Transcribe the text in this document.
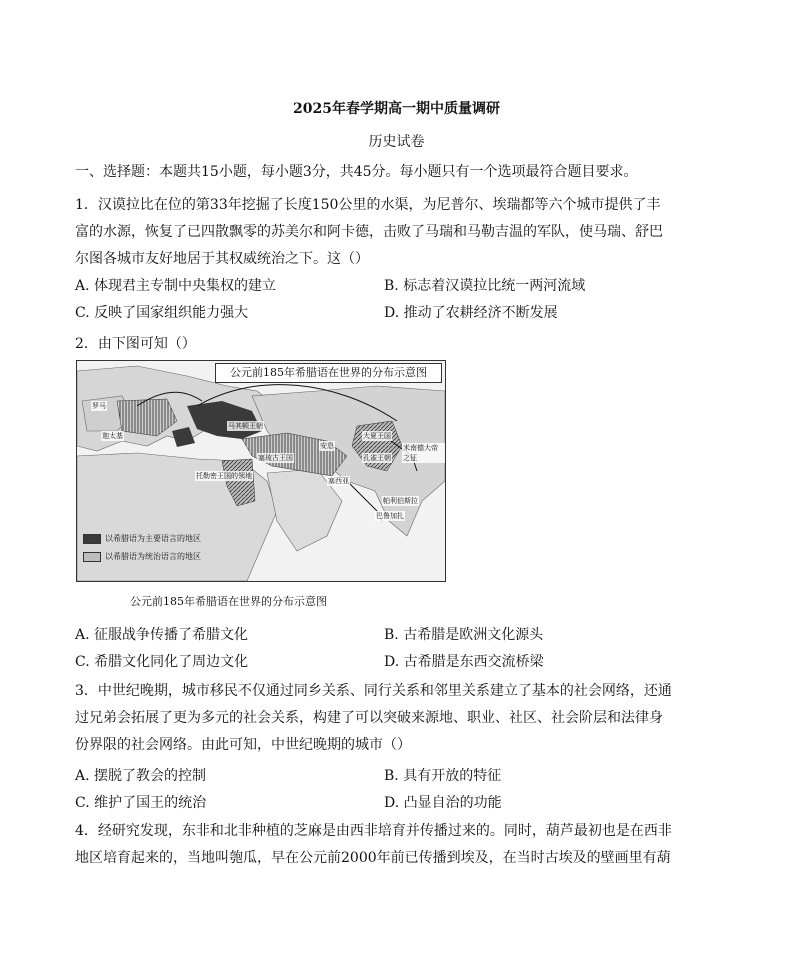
2025年春学期高一期中质量调研
历史试卷
一、选择题：本题共15小题，每小题3分，共45分。每小题只有一个选项最符合题目要求。
1．汉谟拉比在位的第33年挖掘了长度150公里的水渠，为尼普尔、埃瑞都等六个城市提供了丰
富的水源，恢复了已四散飘零的苏美尔和阿卡德，击败了马瑞和马勒吉温的军队，使马瑞、舒巴
尔图各城市友好地居于其权威统治之下。这（）
A. 体现君主专制中央集权的建立	B. 标志着汉谟拉比统一两河流域
C. 反映了国家组织能力强大	D. 推动了农耕经济不断发展
2．由下图可知（）
公元前185年希腊语在世界的分布示意图
罗马
迦太基
马其顿王朝
塞琉古王国
安息
大夏王国
孔雀王朝
托勒密王国的领地
米南德大帝之征
帕利伯斯拉
巴鲁加扎
塞西亚
以希腊语为主要语言的地区
以希腊语为统治语言的地区
公元前185年希腊语在世界的分布示意图
A. 征服战争传播了希腊文化	B. 古希腊是欧洲文化源头
C. 希腊文化同化了周边文化	D. 古希腊是东西交流桥梁
3．中世纪晚期，城市移民不仅通过同乡关系、同行关系和邻里关系建立了基本的社会网络，还通
过兄弟会拓展了更为多元的社会关系，构建了可以突破来源地、职业、社区、社会阶层和法律身
份界限的社会网络。由此可知，中世纪晚期的城市（）
A. 摆脱了教会的控制	B. 具有开放的特征
C. 维护了国王的统治	D. 凸显自治的功能
4．经研究发现，东非和北非种植的芝麻是由西非培育并传播过来的。同时，葫芦最初也是在西非
地区培育起来的，当地叫匏瓜，早在公元前2000年前已传播到埃及，在当时古埃及的壁画里有葫
